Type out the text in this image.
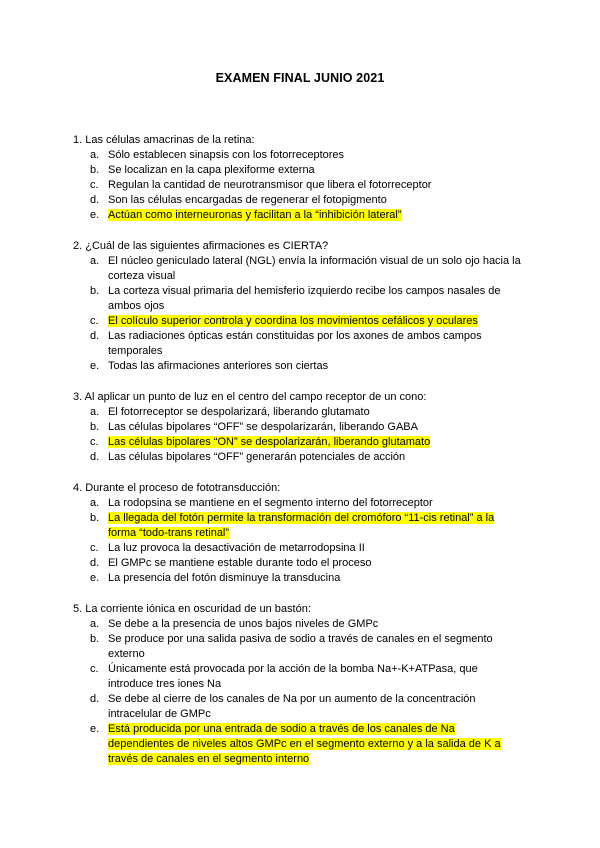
EXAMEN FINAL JUNIO 2021
1. Las células amacrinas de la retina:
a. Sólo establecen sinapsis con los fotorreceptores
b. Se localizan en la capa plexiforme externa
c. Regulan la cantidad de neurotransmisor que libera el fotorreceptor
d. Son las células encargadas de regenerar el fotopigmento
e. Actúan como interneuronas y facilitan a la “inhibición lateral”
2. ¿Cuál de las siguientes afirmaciones es CIERTA?
a. El núcleo geniculado lateral (NGL) envía la información visual de un solo ojo hacia la corteza visual
b. La corteza visual primaria del hemisferio izquierdo recibe los campos nasales de ambos ojos
c. El colículo superior controla y coordina los movimientos cefálicos y oculares
d. Las radiaciones ópticas están constituidas por los axones de ambos campos temporales
e. Todas las afirmaciones anteriores son ciertas
3. Al aplicar un punto de luz en el centro del campo receptor de un cono:
a. El fotorreceptor se despolarizará, liberando glutamato
b. Las células bipolares “OFF” se despolarizarán, liberando GABA
c. Las células bipolares “ON” se despolarizarán, liberando glutamato
d. Las células bipolares “OFF” generarán potenciales de acción
4. Durante el proceso de fototransducción:
a. La rodopsina se mantiene en el segmento interno del fotorreceptor
b. La llegada del fotón permite la transformación del cromóforo “11-cis retinal” a la forma “todo-trans retinal”
c. La luz provoca la desactivación de metarrodopsina II
d. El GMPc se mantiene estable durante todo el proceso
e. La presencia del fotón disminuye la transducina
5. La corriente iónica en oscuridad de un bastón:
a. Se debe a la presencia de unos bajos niveles de GMPc
b. Se produce por una salida pasiva de sodio a través de canales en el segmento externo
c. Únicamente está provocada por la acción de la bomba Na+-K+ATPasa, que introduce tres iones Na
d. Se debe al cierre de los canales de Na por un aumento de la concentración intracelular de GMPc
e. Está producida por una entrada de sodio a través de los canales de Na dependientes de niveles altos GMPc en el segmento externo y a la salida de K a través de canales en el segmento interno
